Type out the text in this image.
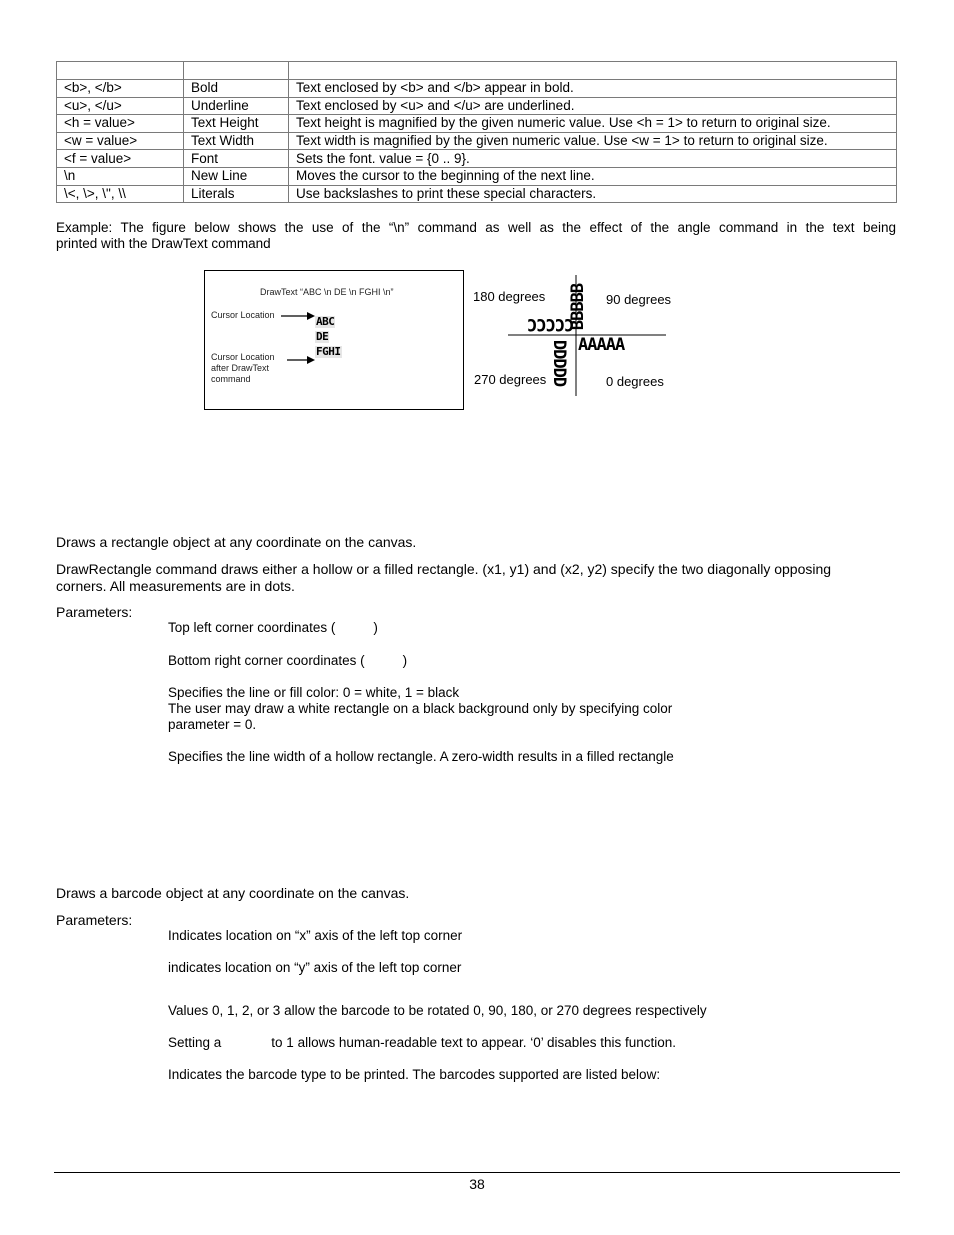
<b>, </b>	Bold	Text enclosed by <b> and </b> appear in bold.
<u>, </u>	Underline	Text enclosed by <u> and </u> are underlined.
<h = value>	Text Height	Text height is magnified by the given numeric value. Use <h = 1> to return to original size.
<w = value>	Text Width	Text width is magnified by the given numeric value. Use <w = 1> to return to original size.
<f = value>	Font	Sets the font. value = {0 .. 9}.
\n	New Line	Moves the cursor to the beginning of the next line.
\<, \>, \", \\	Literals	Use backslashes to print these special characters.
Example: The figure below shows the use of the “\n” command as well as the effect of the angle command in the text being
printed with the DrawText command
DrawText “ABC \n DE \n FGHI \n”
Cursor Location	ABC
DE
FGHI
Cursor Location
after DrawText
command
180 degrees	90 degrees
270 degrees	0 degrees
AAAAA
CCCCC
BBBBB
DDDDD
Draws a rectangle object at any coordinate on the canvas.
DrawRectangle command draws either a hollow or a filled rectangle. (x1, y1) and (x2, y2) specify the two diagonally opposing
corners. All measurements are in dots.
Parameters:
Top left corner coordinates (	)
Bottom right corner coordinates (	)
Specifies the line or fill color: 0 = white, 1 = black
The user may draw a white rectangle on a black background only by specifying color
parameter = 0.
Specifies the line width of a hollow rectangle. A zero-width results in a filled rectangle
Draws a barcode object at any coordinate on the canvas.
Parameters:
Indicates location on “x” axis of the left top corner
indicates location on “y” axis of the left top corner
Values 0, 1, 2, or 3 allow the barcode to be rotated 0, 90, 180, or 270 degrees respectively
Setting a	to 1 allows human-readable text to appear. ‘0’ disables this function.
Indicates the barcode type to be printed. The barcodes supported are listed below:
38
